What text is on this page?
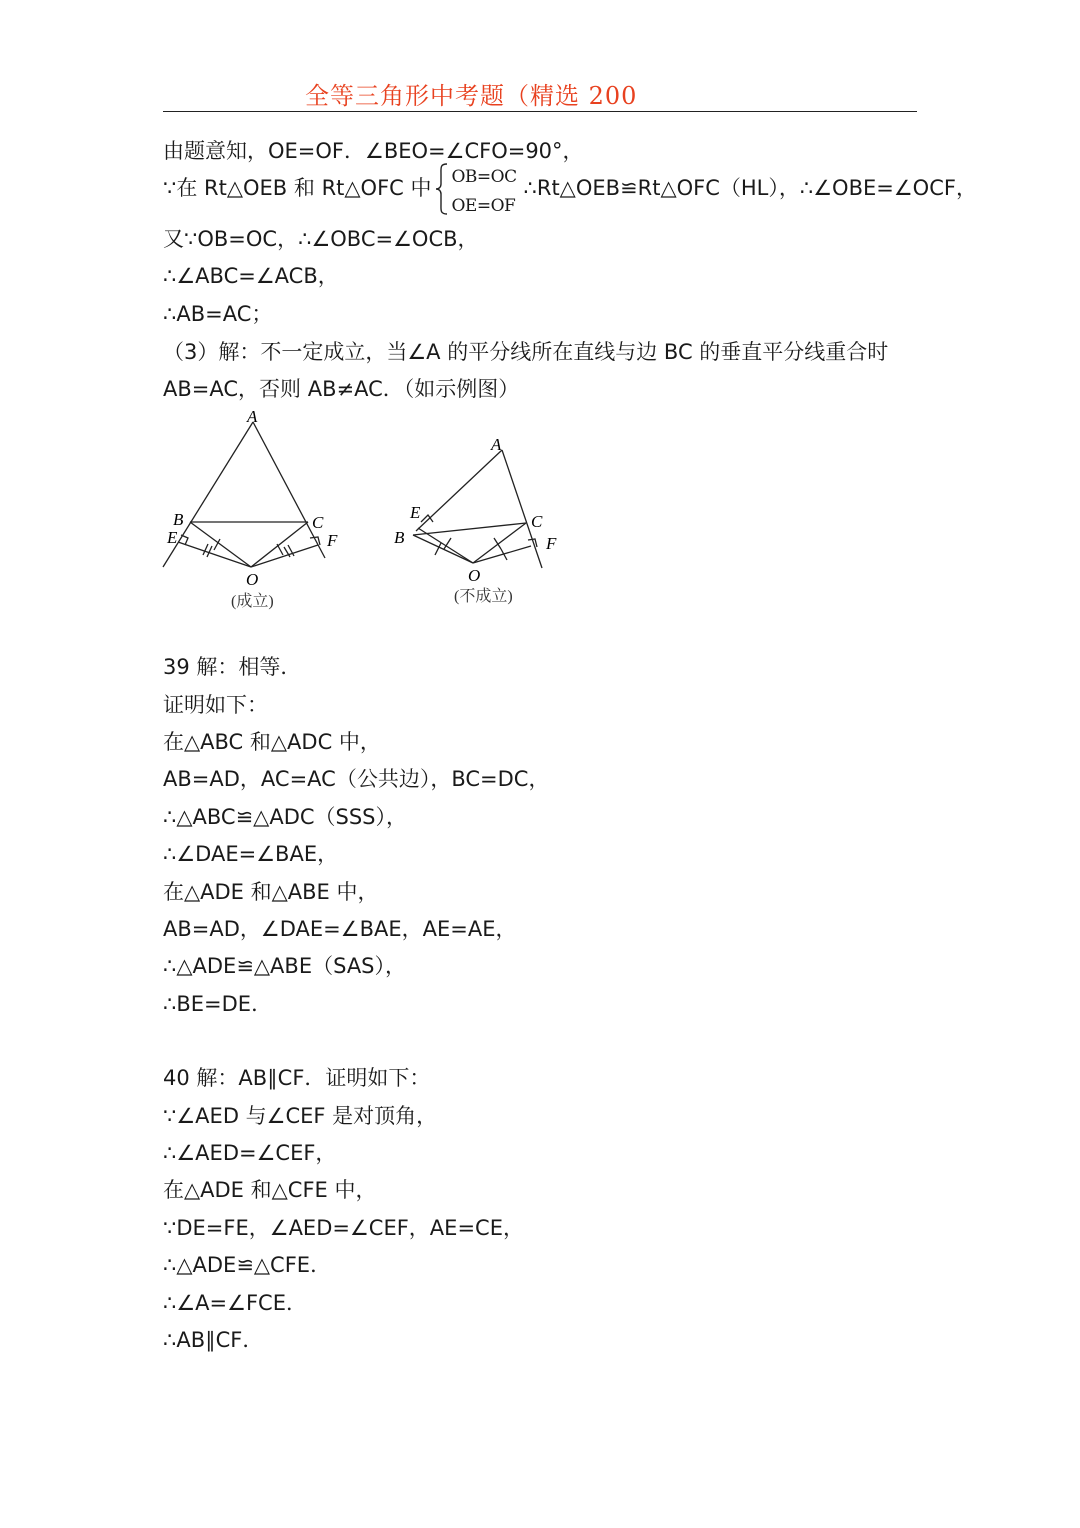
全等三角形中考题（精选 200
由题意知，OE=OF．∠BEO=∠CFO=90°，
∵在 Rt△OEB 和 Rt△OFC 中 OB=OC
OE=OF
∴Rt△OEB≌Rt△OFC（HL），∴∠OBE=∠OCF，
又∵OB=OC，∴∠OBC=∠OCB，
∴∠ABC=∠ACB，
∴AB=AC；
（3）解：不一定成立，当∠A 的平分线所在直线与边 BC 的垂直平分线重合时
AB=AC，否则 AB≠AC．（如示例图）
A
B
E
C
F
O
(成立)
A
E
B
C
F
O
(不成立)
39 解：相等．
证明如下：
在△ABC 和△ADC 中，
AB=AD，AC=AC（公共边），BC=DC，
∴△ABC≌△ADC（SSS），
∴∠DAE=∠BAE，
在△ADE 和△ABE 中，
AB=AD，∠DAE=∠BAE，AE=AE，
∴△ADE≌△ABE（SAS），
∴BE=DE．
40 解：AB∥CF．证明如下：
∵∠AED 与∠CEF 是对顶角，
∴∠AED=∠CEF，
在△ADE 和△CFE 中，
∵DE=FE，∠AED=∠CEF，AE=CE，
∴△ADE≌△CFE．
∴∠A=∠FCE．
∴AB∥CF．
